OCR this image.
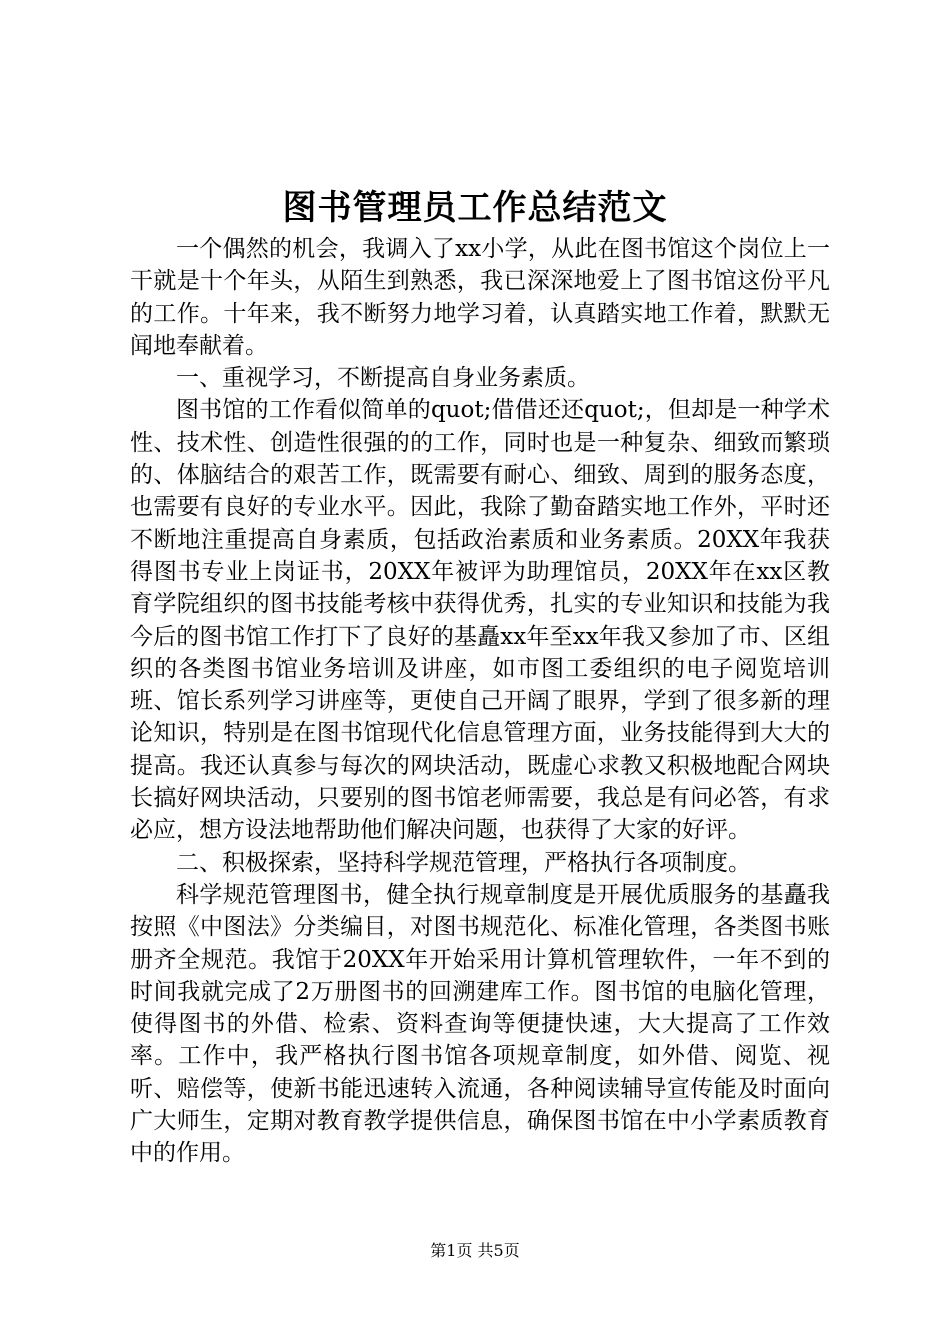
图书管理员工作总结范文

一个偶然的机会，我调入了xx小学，从此在图书馆这个岗位上一干就是十个年头，从陌生到熟悉，我已深深地爱上了图书馆这份平凡的工作。十年来，我不断努力地学习着，认真踏实地工作着，默默无闻地奉献着。

一、重视学习，不断提高自身业务素质。

图书馆的工作看似简单的quot;借借还还quot;，但却是一种学术性、技术性、创造性很强的的工作，同时也是一种复杂、细致而繁琐的、体脑结合的艰苦工作，既需要有耐心、细致、周到的服务态度，也需要有良好的专业水平。因此，我除了勤奋踏实地工作外，平时还不断地注重提高自身素质，包括政治素质和业务素质。20XX年我获得图书专业上岗证书，20XX年被评为助理馆员，20XX年在xx区教育学院组织的图书技能考核中获得优秀，扎实的专业知识和技能为我今后的图书馆工作打下了良好的基矗xx年至xx年我又参加了市、区组织的各类图书馆业务培训及讲座，如市图工委组织的电子阅览培训班、馆长系列学习讲座等，更使自己开阔了眼界，学到了很多新的理论知识，特别是在图书馆现代化信息管理方面，业务技能得到大大的提高。我还认真参与每次的网块活动，既虚心求教又积极地配合网块长搞好网块活动，只要别的图书馆老师需要，我总是有问必答，有求必应，想方设法地帮助他们解决问题，也获得了大家的好评。

二、积极探索，坚持科学规范管理，严格执行各项制度。

科学规范管理图书，健全执行规章制度是开展优质服务的基矗我按照《中图法》分类编目，对图书规范化、标准化管理，各类图书账册齐全规范。我馆于20XX年开始采用计算机管理软件，一年不到的时间我就完成了2万册图书的回溯建库工作。图书馆的电脑化管理，使得图书的外借、检索、资料查询等便捷快速，大大提高了工作效率。工作中，我严格执行图书馆各项规章制度，如外借、阅览、视听、赔偿等，使新书能迅速转入流通，各种阅读辅导宣传能及时面向广大师生，定期对教育教学提供信息，确保图书馆在中小学素质教育中的作用。

第1页 共5页
